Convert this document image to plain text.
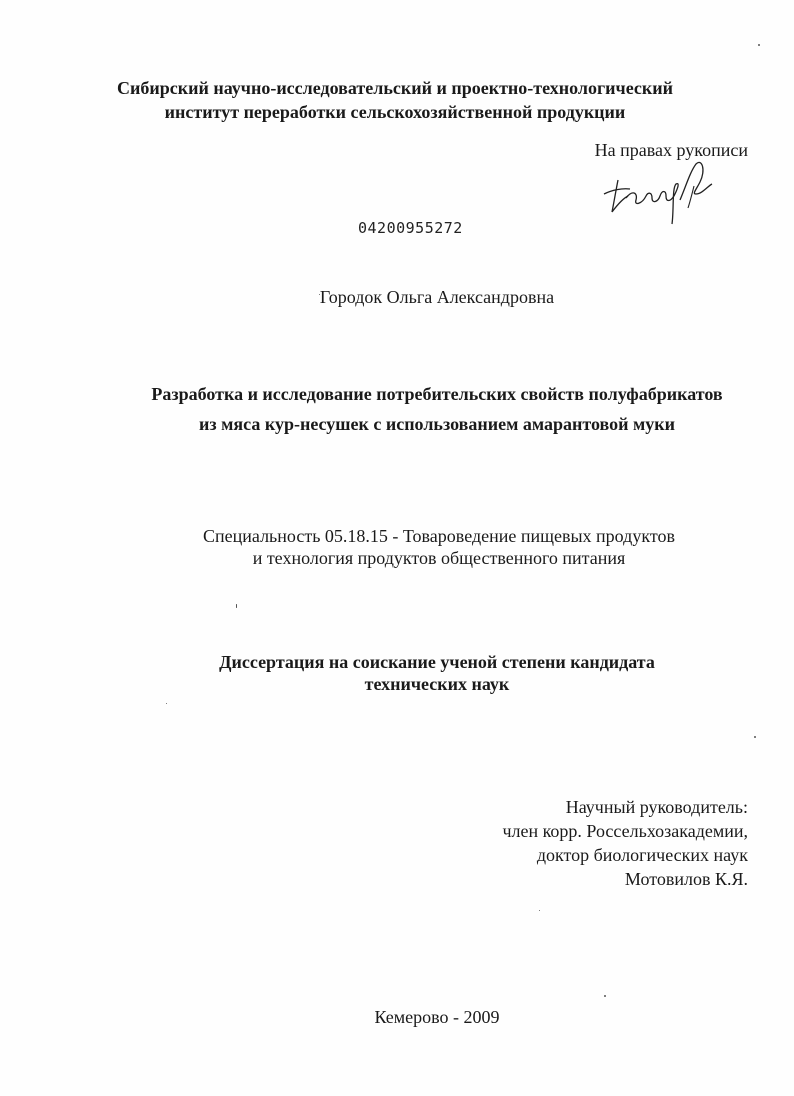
Сибирский научно-исследовательский и проектно-технологический
институт переработки сельскохозяйственной продукции
На правах рукописи
04200955272
Городок Ольга Александровна
Разработка и исследование потребительских свойств полуфабрикатов
из мяса кур-несушек с использованием амарантовой муки
Специальность 05.18.15 - Товароведение пищевых продуктов
и технология продуктов общественного питания
Диссертация на соискание ученой степени кандидата
технических наук
Научный руководитель:
член корр. Россельхозакадемии,
доктор биологических наук
Мотовилов К.Я.
Кемерово - 2009
